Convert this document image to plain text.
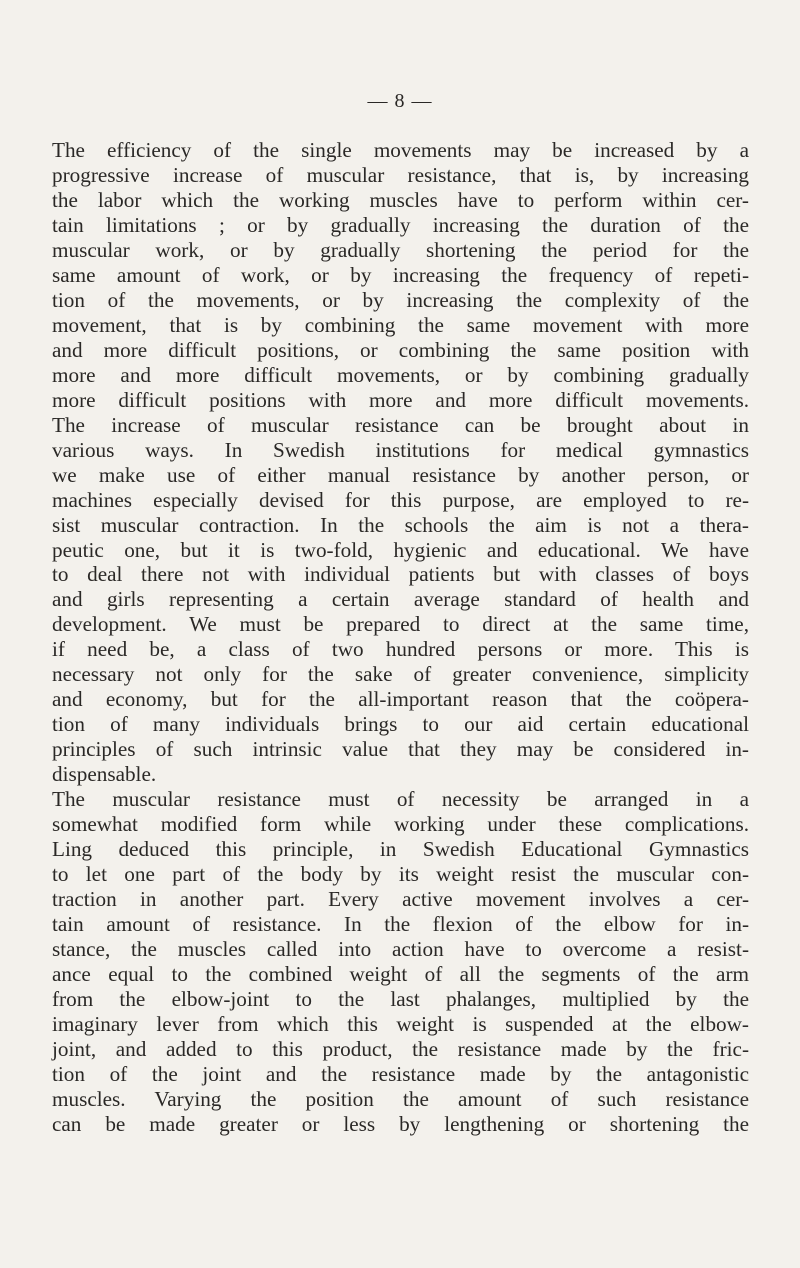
— 8 —
The efficiency of the single movements may be increased by a
progressive increase of muscular resistance, that is, by increasing
the labor which the working muscles have to perform within cer-
tain limitations ; or by gradually increasing the duration of the
muscular work, or by gradually shortening the period for the
same amount of work, or by increasing the frequency of repeti-
tion of the movements, or by increasing the complexity of the
movement, that is by combining the same movement with more
and more difficult positions, or combining the same position with
more and more difficult movements, or by combining gradually
more difficult positions with more and more difficult movements.
The increase of muscular resistance can be brought about in
various ways. In Swedish institutions for medical gymnastics
we make use of either manual resistance by another person, or
machines especially devised for this purpose, are employed to re-
sist muscular contraction. In the schools the aim is not a thera-
peutic one, but it is two-fold, hygienic and educational. We have
to deal there not with individual patients but with classes of boys
and girls representing a certain average standard of health and
development. We must be prepared to direct at the same time,
if need be, a class of two hundred persons or more. This is
necessary not only for the sake of greater convenience, simplicity
and economy, but for the all-important reason that the coöpera-
tion of many individuals brings to our aid certain educational
principles of such intrinsic value that they may be considered in-
dispensable.
The muscular resistance must of necessity be arranged in a
somewhat modified form while working under these complications.
Ling deduced this principle, in Swedish Educational Gymnastics
to let one part of the body by its weight resist the muscular con-
traction in another part. Every active movement involves a cer-
tain amount of resistance. In the flexion of the elbow for in-
stance, the muscles called into action have to overcome a resist-
ance equal to the combined weight of all the segments of the arm
from the elbow-joint to the last phalanges, multiplied by the
imaginary lever from which this weight is suspended at the elbow-
joint, and added to this product, the resistance made by the fric-
tion of the joint and the resistance made by the antagonistic
muscles. Varying the position the amount of such resistance
can be made greater or less by lengthening or shortening the
